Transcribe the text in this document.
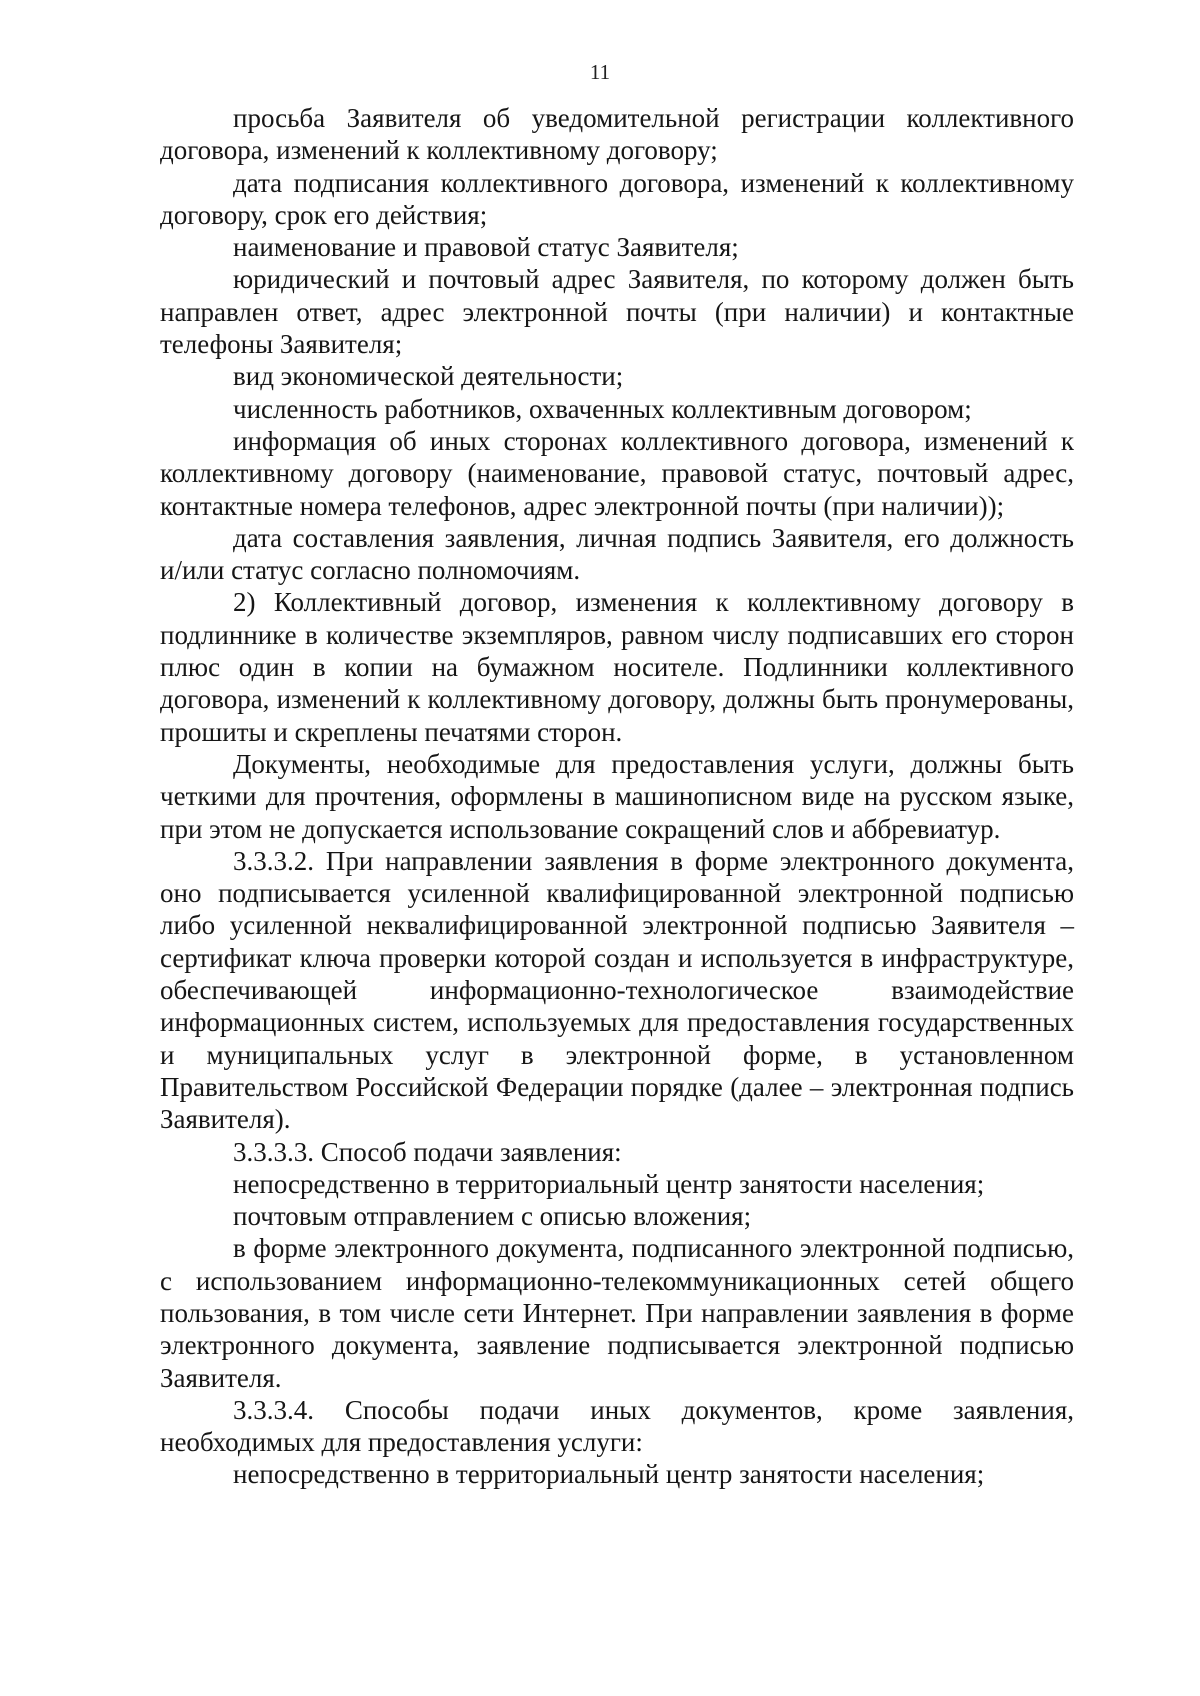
11

просьба Заявителя об уведомительной регистрации коллективного договора, изменений к коллективному договору;

дата подписания коллективного договора, изменений к коллективному договору, срок его действия;

наименование и правовой статус Заявителя;

юридический и почтовый адрес Заявителя, по которому должен быть направлен ответ, адрес электронной почты (при наличии) и контактные телефоны Заявителя;

вид экономической деятельности;

численность работников, охваченных коллективным договором;

информация об иных сторонах коллективного договора, изменений к коллективному договору (наименование, правовой статус, почтовый адрес, контактные номера телефонов, адрес электронной почты (при наличии));

дата составления заявления, личная подпись Заявителя, его должность и/или статус согласно полномочиям.

2) Коллективный договор, изменения к коллективному договору в подлиннике в количестве экземпляров, равном числу подписавших его сторон плюс один в копии на бумажном носителе. Подлинники коллективного договора, изменений к коллективному договору, должны быть пронумерованы, прошиты и скреплены печатями сторон.

Документы, необходимые для предоставления услуги, должны быть четкими для прочтения, оформлены в машинописном виде на русском языке, при этом не допускается использование сокращений слов и аббревиатур.

3.3.3.2. При направлении заявления в форме электронного документа, оно подписывается усиленной квалифицированной электронной подписью либо усиленной неквалифицированной электронной подписью Заявителя – сертификат ключа проверки которой создан и используется в инфраструктуре, обеспечивающей информационно-технологическое взаимодействие информационных систем, используемых для предоставления государственных и муниципальных услуг в электронной форме, в установленном Правительством Российской Федерации порядке (далее – электронная подпись Заявителя).

3.3.3.3. Способ подачи заявления:

непосредственно в территориальный центр занятости населения;

почтовым отправлением с описью вложения;

в форме электронного документа, подписанного электронной подписью, с использованием информационно-телекоммуникационных сетей общего пользования, в том числе сети Интернет. При направлении заявления в форме электронного документа, заявление подписывается электронной подписью Заявителя.

3.3.3.4. Способы подачи иных документов, кроме заявления, необходимых для предоставления услуги:

непосредственно в территориальный центр занятости населения;
